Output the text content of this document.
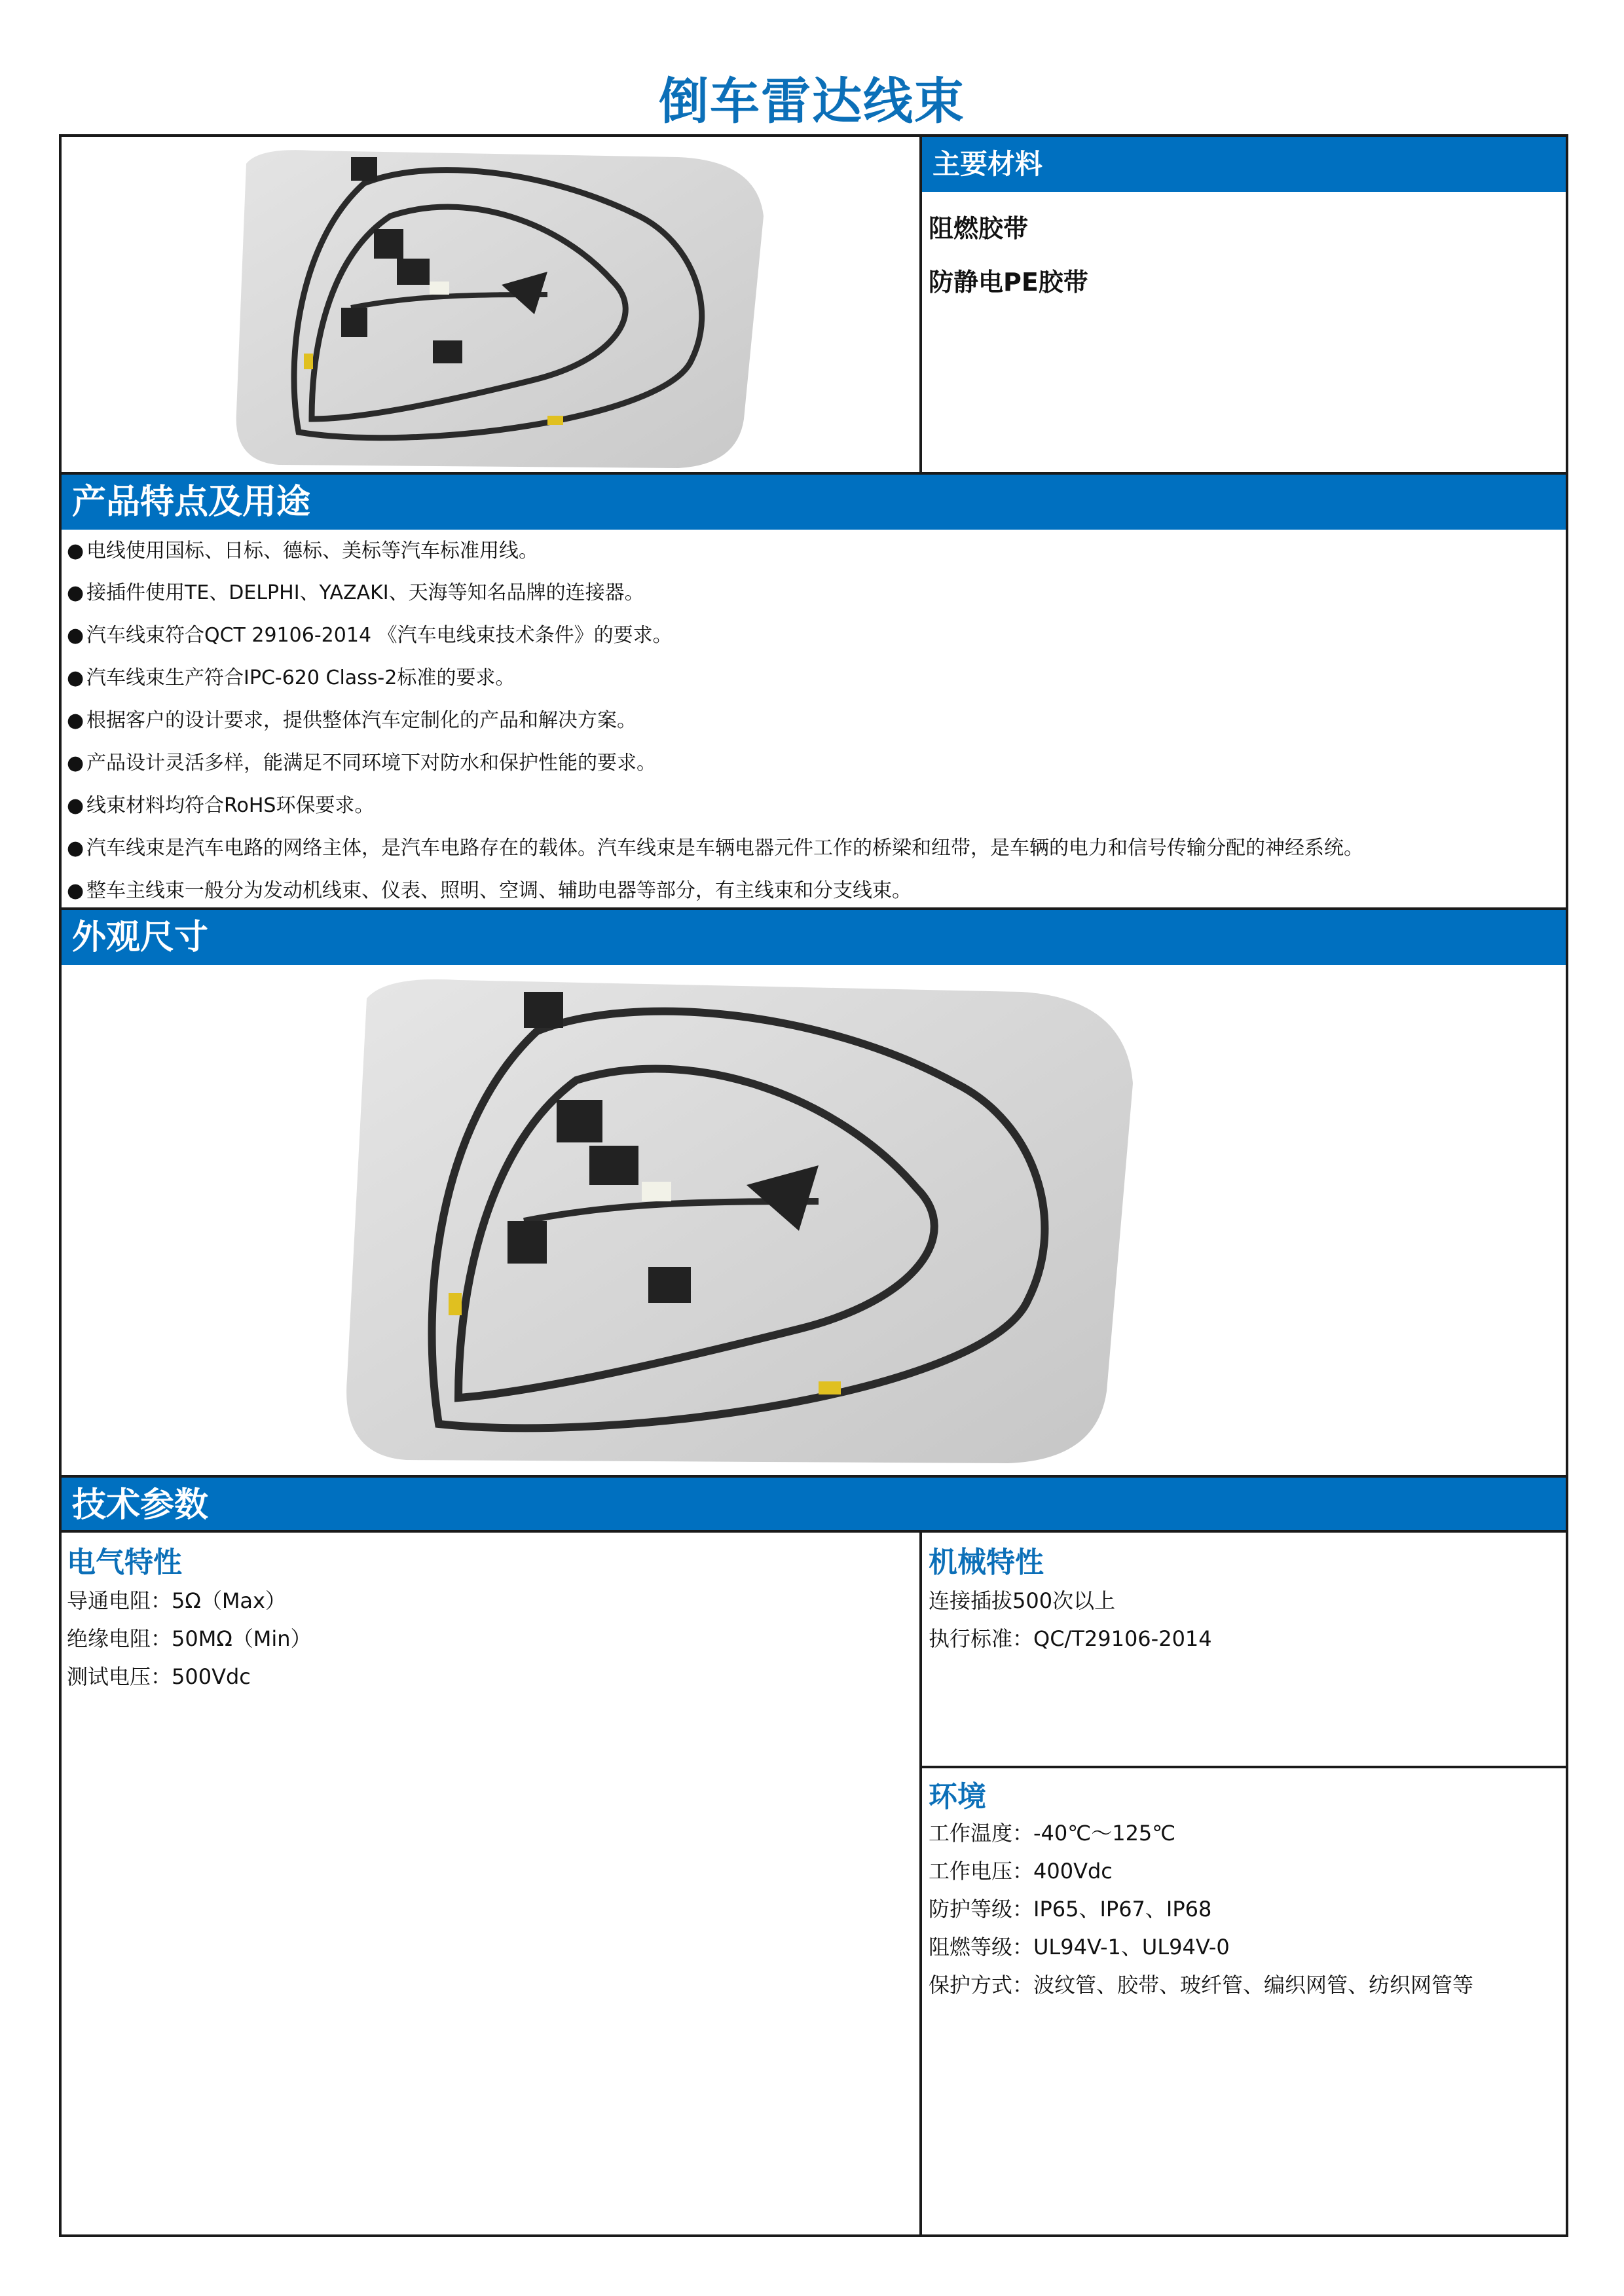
倒车雷达线束
主要材料
阻燃胶带
防静电PE胶带
产品特点及用途
● 电线使用国标、日标、德标、美标等汽车标准用线。
● 接插件使用TE、DELPHI、YAZAKI、天海等知名品牌的连接器。
● 汽车线束符合QCT 29106-2014 《汽车电线束技术条件》的要求。
● 汽车线束生产符合IPC-620 Class-2标准的要求。
● 根据客户的设计要求，提供整体汽车定制化的产品和解决方案。
● 产品设计灵活多样，能满足不同环境下对防水和保护性能的要求。
● 线束材料均符合RoHS环保要求。
● 汽车线束是汽车电路的网络主体，是汽车电路存在的载体。汽车线束是车辆电器元件工作的桥梁和纽带，是车辆的电力和信号传输分配的神经系统。
● 整车主线束一般分为发动机线束、仪表、照明、空调、辅助电器等部分，有主线束和分支线束。
外观尺寸
技术参数
电气特性
导通电阻：5Ω（Max）
绝缘电阻：50MΩ（Min）
测试电压：500Vdc
机械特性
连接插拔500次以上
执行标准：QC/T29106-2014
环境
工作温度：-40℃～125℃
工作电压：400Vdc
防护等级：IP65、IP67、IP68
阻燃等级：UL94V-1、UL94V-0
保护方式：波纹管、胶带、玻纤管、编织网管、纺织网管等
